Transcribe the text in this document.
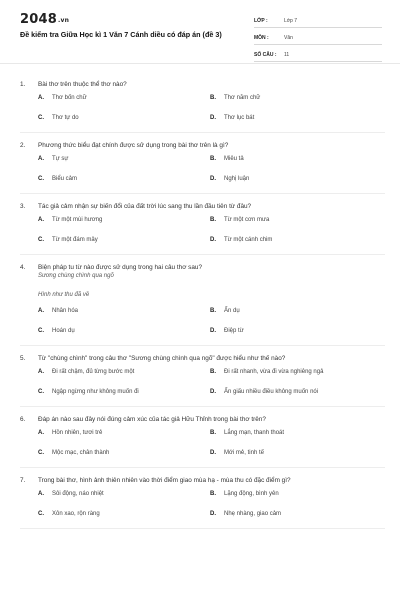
2048.vn
Đề kiểm tra Giữa Học kì 1 Văn 7 Cánh diều có đáp án (đề 3)
LỚP :	Lớp 7
MÔN :	Văn
SỐ CÂU :	11
1.	Bài thơ trên thuộc thể thơ nào?
A.	Thơ bốn chữ	B.	Thơ năm chữ
C.	Thơ tự do	D.	Thơ lục bát
2.	Phương thức biểu đạt chính được sử dụng trong bài thơ trên là gì?
A.	Tự sự	B.	Miêu tả
C.	Biểu cảm	D.	Nghị luận
3.	Tác giả cảm nhận sự biến đổi của đất trời lúc sang thu lần đầu tiên từ đâu?
A.	Từ một mùi hương	B.	Từ một cơn mưa
C.	Từ một đám mây	D.	Từ một cánh chim
4.	Biện pháp tu từ nào được sử dụng trong hai câu thơ sau?
Sương chùng chình qua ngõ
Hình như thu đã về
A.	Nhân hóa	B.	Ẩn dụ
C.	Hoán dụ	D.	Điệp từ
5.	Từ "chùng chình" trong câu thơ "Sương chùng chình qua ngõ" được hiểu như thế nào?
A.	Đi rất chậm, đủ từng bước một	B.	Đi rất nhanh, vừa đi vừa nghiêng ngả
C.	Ngập ngừng như không muốn đi	D.	Ẩn giấu nhiều điều không muốn nói
6.	Đáp án nào sau đây nói đúng cảm xúc của tác giả Hữu Thỉnh trong bài thơ trên?
A.	Hồn nhiên, tươi trẻ	B.	Lắng mạn, thanh thoát
C.	Mộc mạc, chân thành	D.	Mới mẻ, tinh tế
7.	Trong bài thơ, hình ảnh thiên nhiên vào thời điểm giao mùa hạ - mùa thu có đặc điểm gì?
A.	Sôi động, náo nhiệt	B.	Lặng động, bình yên
C.	Xôn xao, rộn ràng	D.	Nhẹ nhàng, giao cảm
